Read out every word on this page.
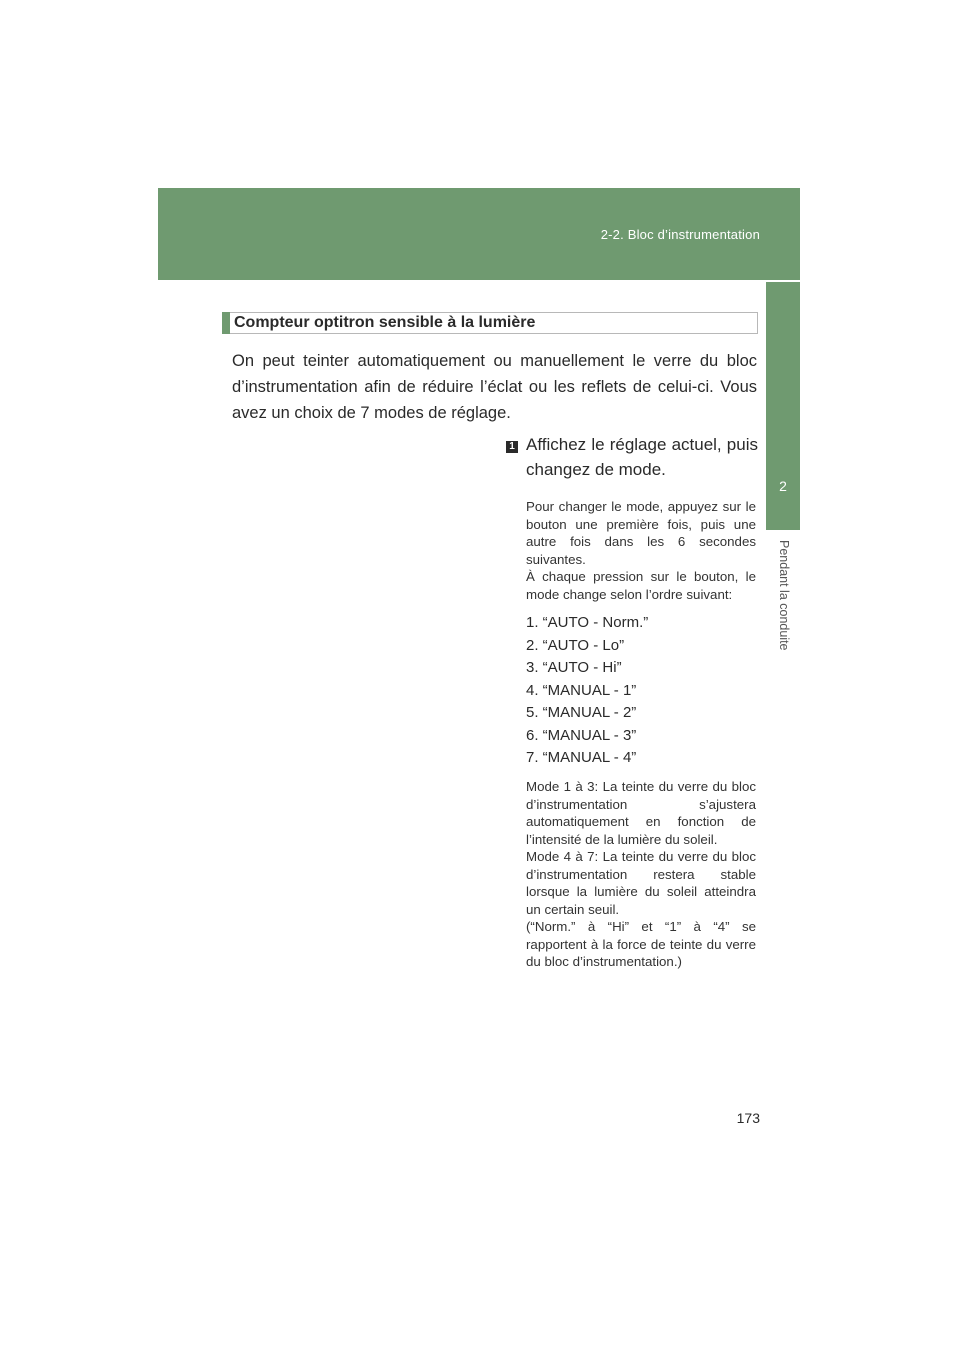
2-2. Bloc d’instrumentation
2
Pendant la conduite
Compteur optitron sensible à la lumière

On peut teinter automatiquement ou manuellement le verre du bloc d’instrumentation afin de réduire l’éclat ou les reflets de celui-ci. Vous avez un choix de 7 modes de réglage.

1 Affichez le réglage actuel, puis changez de mode.

Pour changer le mode, appuyez sur le bouton une première fois, puis une autre fois dans les 6 secondes suivantes.

À chaque pression sur le bouton, le mode change selon l’ordre suivant:

1. “AUTO - Norm.”
2. “AUTO - Lo”
3. “AUTO - Hi”
4. “MANUAL - 1”
5. “MANUAL - 2”
6. “MANUAL - 3”
7. “MANUAL - 4”

Mode 1 à 3: La teinte du verre du bloc d’instrumentation s’ajustera automatiquement en fonction de l’intensité de la lumière du soleil.

Mode 4 à 7: La teinte du verre du bloc d’instrumentation restera stable lorsque la lumière du soleil atteindra un certain seuil.

(“Norm.” à “Hi” et “1” à “4” se rapportent à la force de teinte du verre du bloc d’instrumentation.)

173
